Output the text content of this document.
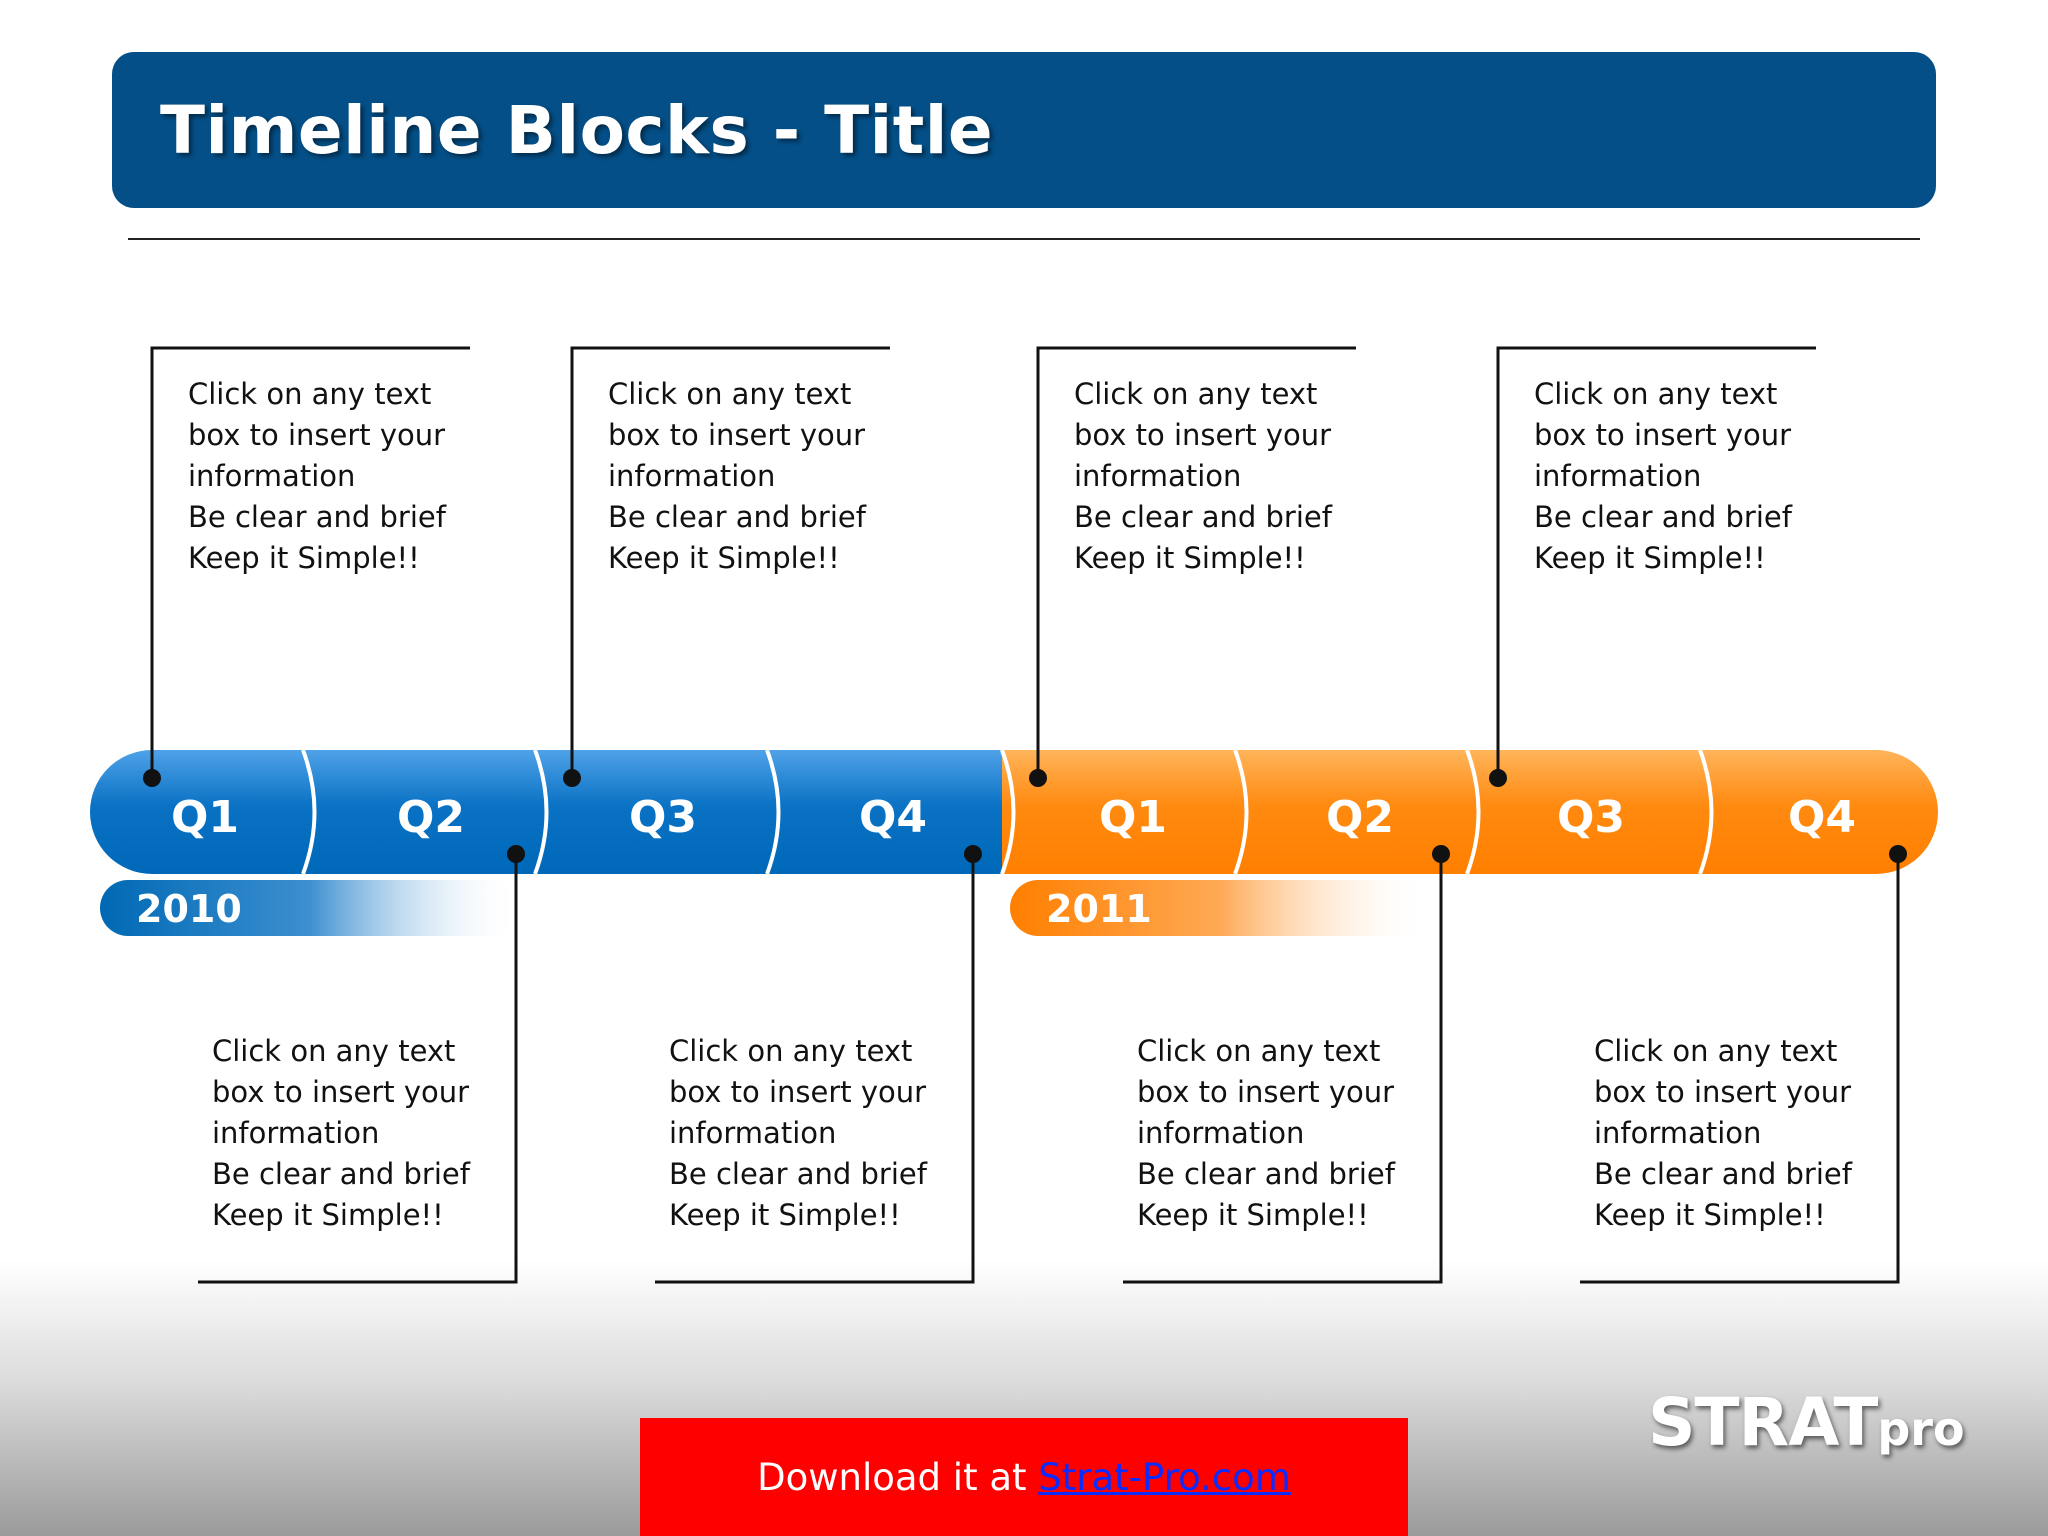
Timeline Blocks - Title
2010	2011
Q1	Q2	Q3	Q4	Q1	Q2	Q3	Q4

Click on any text

box to insert your

information

Be clear and brief

Keep it Simple!!

Click on any text

box to insert your

information

Be clear and brief

Keep it Simple!!

Click on any text

box to insert your

information

Be clear and brief

Keep it Simple!!

Click on any text

box to insert your

information

Be clear and brief

Keep it Simple!!

Click on any text

box to insert your

information

Be clear and brief

Keep it Simple!!

Click on any text

box to insert your

information

Be clear and brief

Keep it Simple!!

Click on any text

box to insert your

information

Be clear and brief

Keep it Simple!!

Click on any text

box to insert your

information

Be clear and brief

Keep it Simple!!

Download it at Strat-Pro.com
STRATpro
